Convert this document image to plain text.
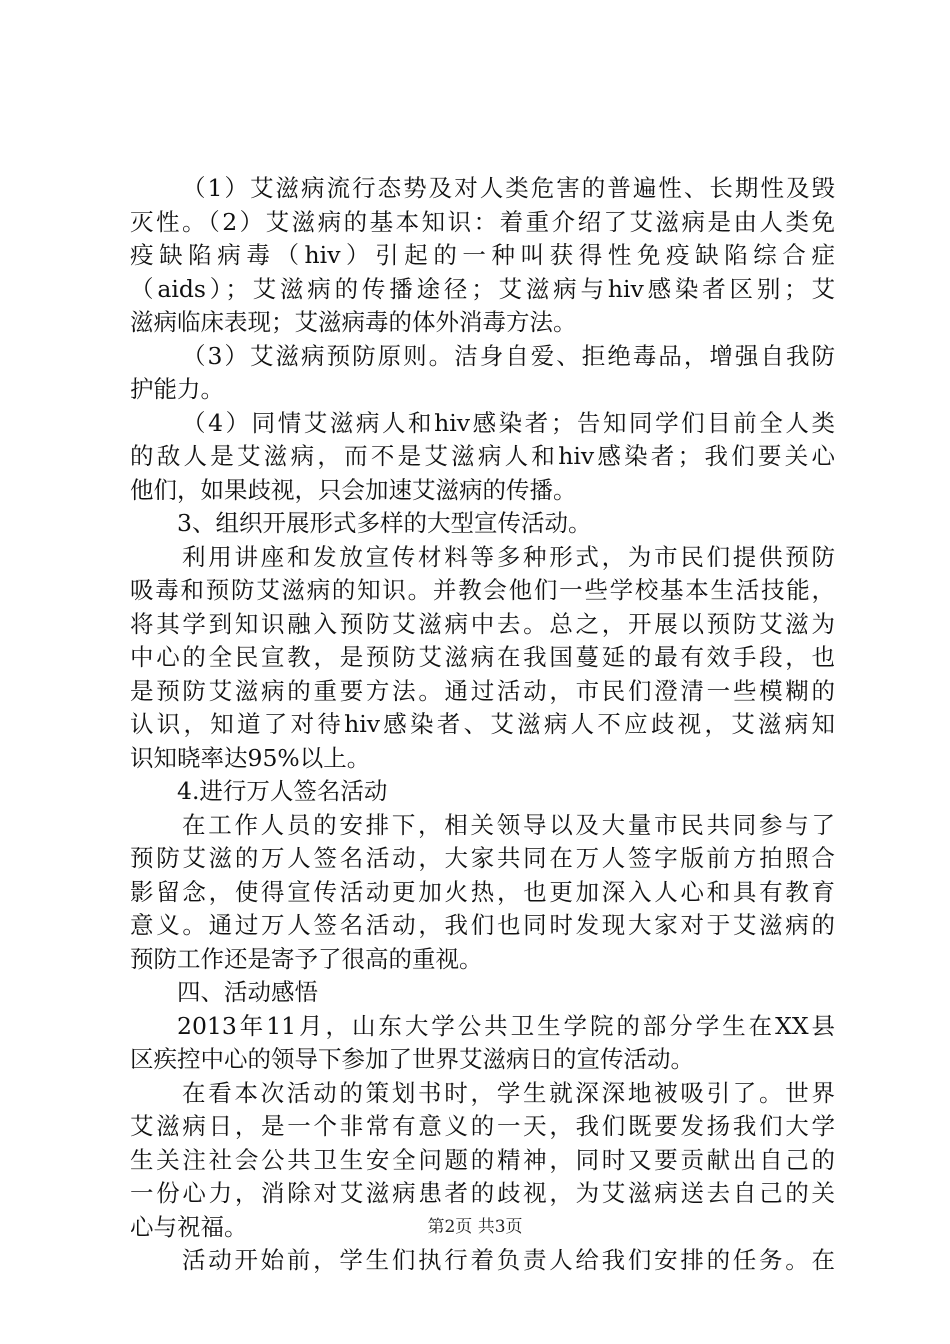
（1）艾滋病流行态势及对人类危害的普遍性、长期性及毁
灭性。（2）艾滋病的基本知识：着重介绍了艾滋病是由人类免
疫缺陷病毒（hiv）引起的一种叫获得性免疫缺陷综合症
（aids）；艾滋病的传播途径；艾滋病与hiv感染者区别；艾
滋病临床表现；艾滋病毒的体外消毒方法。
（3）艾滋病预防原则。洁身自爱、拒绝毒品，增强自我防
护能力。
（4）同情艾滋病人和hiv感染者；告知同学们目前全人类
的敌人是艾滋病，而不是艾滋病人和hiv感染者；我们要关心
他们，如果歧视，只会加速艾滋病的传播。
3、组织开展形式多样的大型宣传活动。
利用讲座和发放宣传材料等多种形式，为市民们提供预防
吸毒和预防艾滋病的知识。并教会他们一些学校基本生活技能，
将其学到知识融入预防艾滋病中去。总之，开展以预防艾滋为
中心的全民宣教，是预防艾滋病在我国蔓延的最有效手段，也
是预防艾滋病的重要方法。通过活动，市民们澄清一些模糊的
认识，知道了对待hiv感染者、艾滋病人不应歧视，艾滋病知
识知晓率达95%以上。
4.进行万人签名活动
在工作人员的安排下，相关领导以及大量市民共同参与了
预防艾滋的万人签名活动，大家共同在万人签字版前方拍照合
影留念，使得宣传活动更加火热，也更加深入人心和具有教育
意义。通过万人签名活动，我们也同时发现大家对于艾滋病的
预防工作还是寄予了很高的重视。
四、活动感悟
2013年11月，山东大学公共卫生学院的部分学生在XX县
区疾控中心的领导下参加了世界艾滋病日的宣传活动。
在看本次活动的策划书时，学生就深深地被吸引了。世界
艾滋病日，是一个非常有意义的一天，我们既要发扬我们大学
生关注社会公共卫生安全问题的精神，同时又要贡献出自己的
一份心力，消除对艾滋病患者的歧视，为艾滋病送去自己的关
心与祝福。
活动开始前，学生们执行着负责人给我们安排的任务。在
第2页 共3页
